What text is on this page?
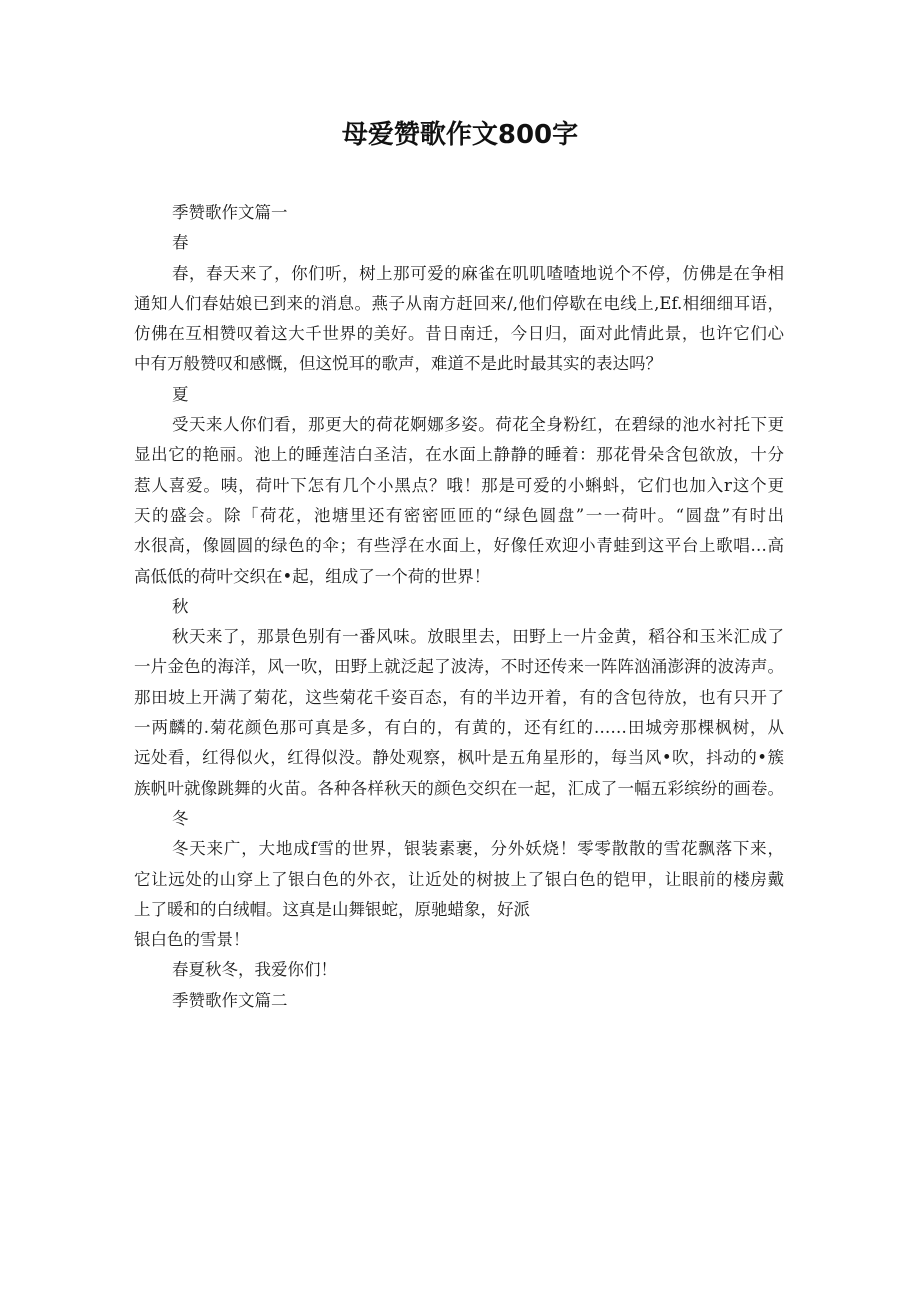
母爱赞歌作文800字
季赞歌作文篇一
春
春，春天来了，你们听，树上那可爱的麻雀在叽叽喳喳地说个不停，仿佛是在争相
通知人们春姑娘已到来的消息。燕子从南方赶回来/,他们停歇在电线上,Ef.相细细耳语，
仿佛在互相赞叹着这大千世界的美好。昔日南迁，今日归，面对此情此景，也许它们心
中有万般赞叹和感慨，但这悦耳的歌声，难道不是此时最其实的表达吗？
夏
受天来人你们看，那更大的荷花婀娜多姿。荷花全身粉红，在碧绿的池水衬托下更
显出它的艳丽。池上的睡莲洁白圣洁，在水面上静静的睡着：那花骨朵含包欲放，十分
惹人喜爱。咦，荷叶下怎有几个小黑点？哦！那是可爱的小蝌蚪，它们也加入r这个更
天的盛会。除「荷花，池塘里还有密密匝匝的“绿色圆盘”一一荷叶。“圆盘”有时出
水很高，像圆圆的绿色的伞；有些浮在水面上，好像任欢迎小青蛙到这平台上歌唱…高
高低低的荷叶交织在•起，组成了一个荷的世界！
秋
秋天来了，那景色别有一番风味。放眼里去，田野上一片金黄，稻谷和玉米汇成了
一片金色的海洋，风一吹，田野上就泛起了波涛，不时还传来一阵阵汹涌澎湃的波涛声。
那田坡上开满了菊花，这些菊花千姿百态，有的半边开着，有的含包待放，也有只开了
一两麟的.菊花颜色那可真是多，有白的，有黄的，还有红的……田城旁那棵枫树，从
远处看，红得似火，红得似没。静处观察，枫叶是五角星形的，每当风•吹，抖动的•簇
族帆叶就像跳舞的火苗。各种各样秋天的颜色交织在一起，汇成了一幅五彩缤纷的画卷。
冬
冬天来广，大地成f雪的世界，银装素裹，分外妖烧！零零散散的雪花飘落下来，
它让远处的山穿上了银白色的外衣，让近处的树披上了银白色的铠甲，让眼前的楼房戴
上了暖和的白绒帽。这真是山舞银蛇，原驰蜡象，好派
银白色的雪景！
春夏秋冬，我爱你们！
季赞歌作文篇二
